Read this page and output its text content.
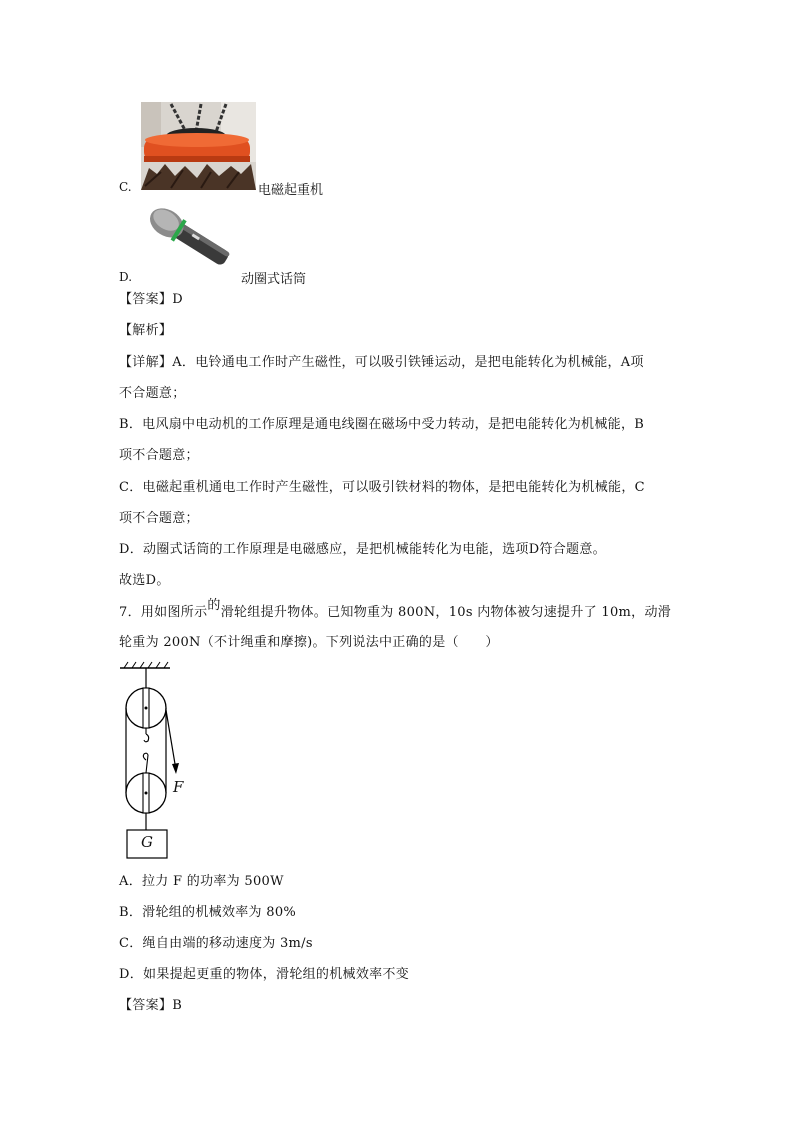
C.	电磁起重机
D.	动圈式话筒
【答案】D
【解析】
【详解】A．电铃通电工作时产生磁性，可以吸引铁锤运动，是把电能转化为机械能，A项
不合题意；
B．电风扇中电动机的工作原理是通电线圈在磁场中受力转动，是把电能转化为机械能，B
项不合题意；
C．电磁起重机通电工作时产生磁性，可以吸引铁材料的物体，是把电能转化为机械能，C
项不合题意；
D．动圈式话筒的工作原理是电磁感应，是把机械能转化为电能，选项D符合题意。
故选D。
7．用如图所示的滑轮组提升物体。已知物重为 800N，10s 内物体被匀速提升了 10m，动滑
轮重为 200N（不计绳重和摩擦)。下列说法中正确的是（　　）
F
G
A．拉力 F 的功率为 500W
B．滑轮组的机械效率为 80%
C．绳自由端的移动速度为 3m/s
D．如果提起更重的物体，滑轮组的机械效率不变
【答案】B
